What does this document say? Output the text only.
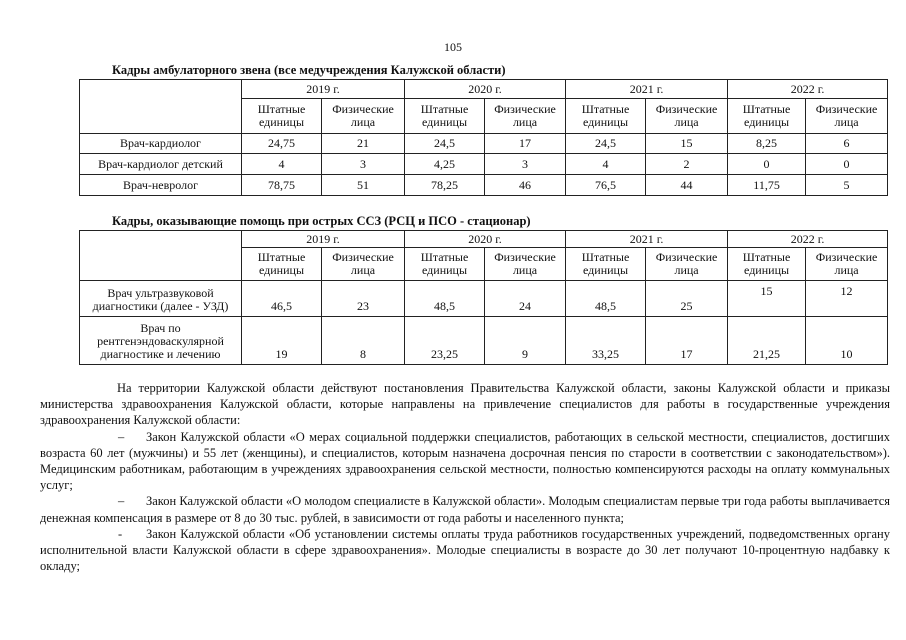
105
Кадры амбулаторного звена (все медучреждения Калужской области)
	2019 г.		2020 г.		2021 г.		2022 г.	
	Штатные единицы	Физические лица	Штатные единицы	Физические лица	Штатные единицы	Физические лица	Штатные единицы	Физические лица
Врач-кардиолог	24,75	21	24,5	17	24,5	15	8,25	6
Врач-кардиолог детский	4	3	4,25	3	4	2	0	0
Врач-невролог	78,75	51	78,25	46	76,5	44	11,75	5
Кадры, оказывающие помощь при острых ССЗ (РСЦ и ПСО - стационар)
	2019 г.		2020 г.		2021 г.		2022 г.	
	Штатные единицы	Физические лица	Штатные единицы	Физические лица	Штатные единицы	Физические лица	Штатные единицы	Физические лица
Врач ультразвуковой диагностики (далее - УЗД)	46,5	23	48,5	24	48,5	25	15	12
Врач по рентгенэндоваскулярной диагностике и лечению	19	8	23,25	9	33,25	17	21,25	10

На территории Калужской области действуют постановления Правительства Калужской области, законы Калужской области и приказы министерства здравоохранения Калужской области, которые направлены на привлечение специалистов для работы в государственные учреждения здравоохранения Калужской области:

– Закон Калужской области «О мерах социальной поддержки специалистов, работающих в сельской местности, специалистов, достигших возраста 60 лет (мужчины) и 55 лет (женщины), и специалистов, которым назначена досрочная пенсия по старости в соответствии с законодательством»). Медицинским работникам, работающим в учреждениях здравоохранения сельской местности, полностью компенсируются расходы на оплату коммунальных услуг;

– Закон Калужской области «О молодом специалисте в Калужской области». Молодым специалистам первые три года работы выплачивается денежная компенсация в размере от 8 до 30 тыс. рублей, в зависимости от года работы и населенного пункта;

- Закон Калужской области «Об установлении системы оплаты труда работников государственных учреждений, подведомственных органу исполнительной власти Калужской области в сфере здравоохранения». Молодые специалисты в возрасте до 30 лет получают 10-процентную надбавку к окладу;
